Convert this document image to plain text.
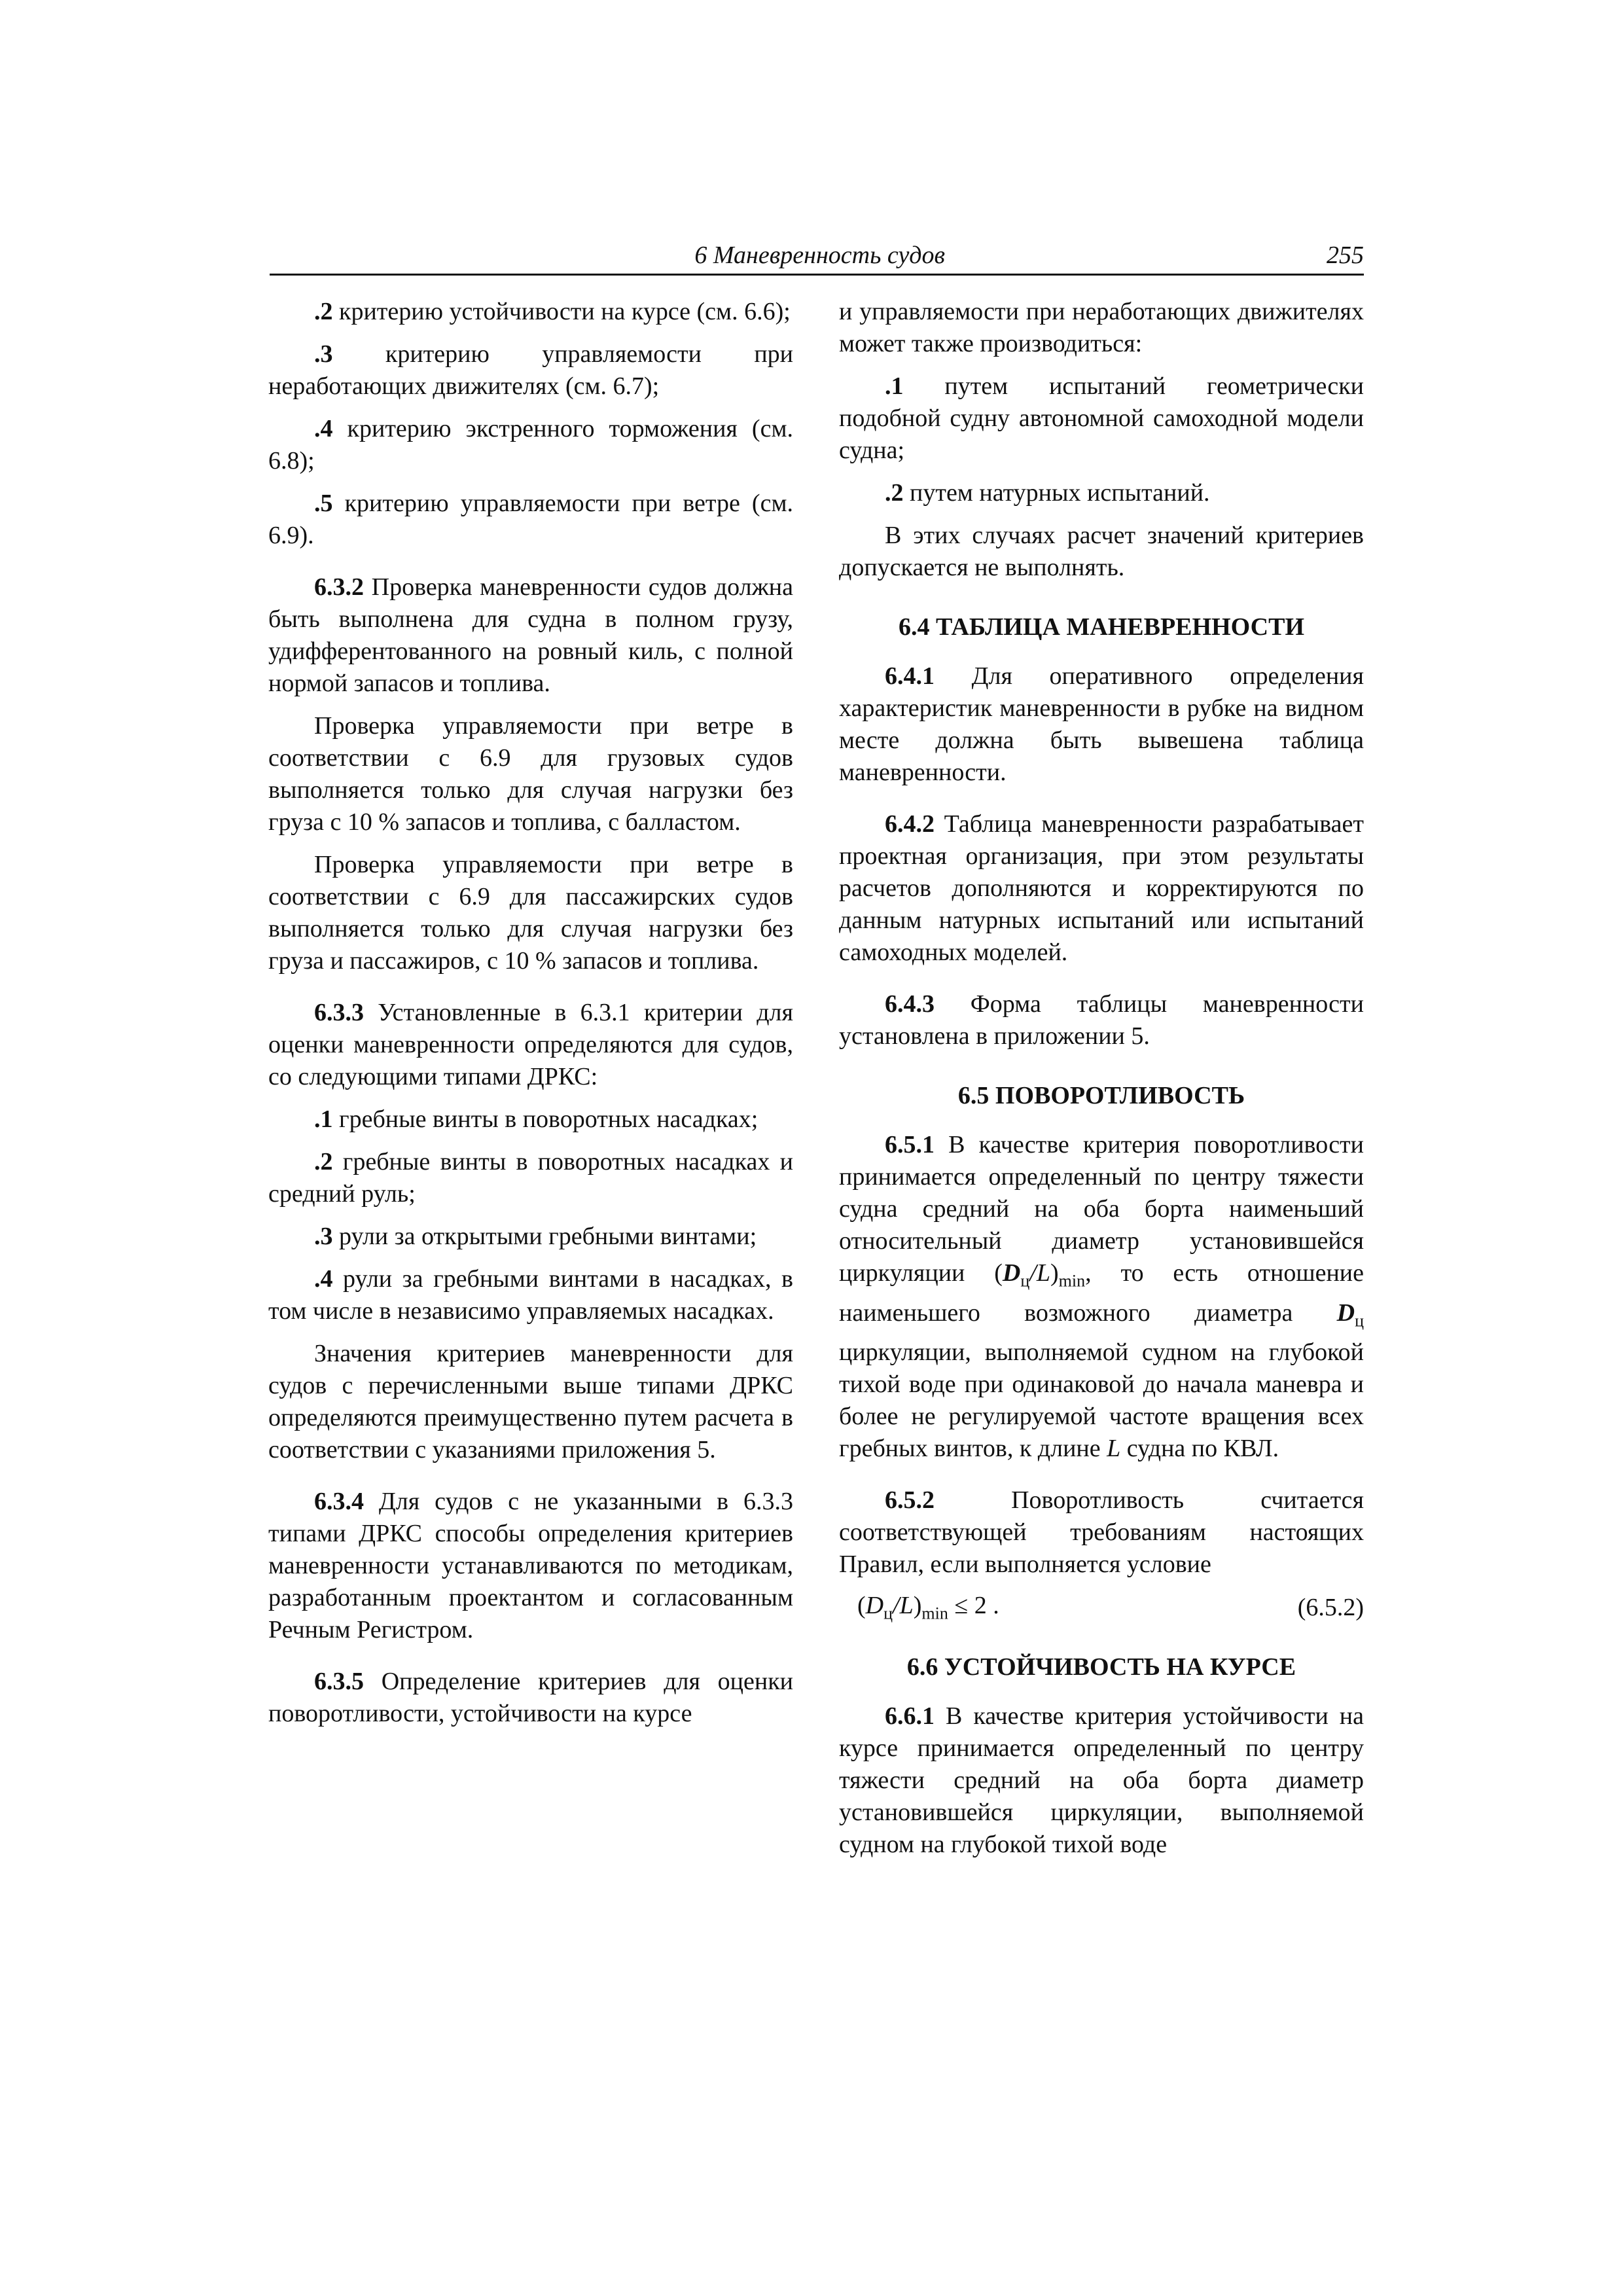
6 Маневренность судов	255

.2 критерию устойчивости на курсе (см. 6.6);

.3 критерию управляемости при неработающих движителях (см. 6.7);

.4 критерию экстренного торможения (см. 6.8);

.5 критерию управляемости при ветре (см. 6.9).

6.3.2 Проверка маневренности судов должна быть выполнена для судна в полном грузу, удифферентованного на ровный киль, с полной нормой запасов и топлива.

Проверка управляемости при ветре в соответствии с 6.9 для грузовых судов выполняется только для случая нагрузки без груза с 10 % запасов и топлива, с балластом.

Проверка управляемости при ветре в соответствии с 6.9 для пассажирских судов выполняется только для случая нагрузки без груза и пассажиров, с 10 % запасов и топлива.

6.3.3 Установленные в 6.3.1 критерии для оценки маневренности определяются для судов, со следующими типами ДРКС:

.1 гребные винты в поворотных насадках;

.2 гребные винты в поворотных насадках и средний руль;

.3 рули за открытыми гребными винтами;

.4 рули за гребными винтами в насадках, в том числе в независимо управляемых насадках.

Значения критериев маневренности для судов с перечисленными выше типами ДРКС определяются преимущественно путем расчета в соответствии с указаниями приложения 5.

6.3.4 Для судов с не указанными в 6.3.3 типами ДРКС способы определения критериев маневренности устанавливаются по методикам, разработанным проектантом и согласованным Речным Регистром.

6.3.5 Определение критериев для оценки поворотливости, устойчивости на курсе

и управляемости при неработающих движителях может также производиться:

.1 путем испытаний геометрически подобной судну автономной самоходной модели судна;

.2 путем натурных испытаний.

В этих случаях расчет значений критериев допускается не выполнять.

6.4 ТАБЛИЦА МАНЕВРЕННОСТИ

6.4.1 Для оперативного определения характеристик маневренности в рубке на видном месте должна быть вывешена таблица маневренности.

6.4.2 Таблица маневренности разрабатывает проектная организация, при этом результаты расчетов дополняются и корректируются по данным натурных испытаний или испытаний самоходных моделей.

6.4.3 Форма таблицы маневренности установлена в приложении 5.

6.5 ПОВОРОТЛИВОСТЬ

6.5.1 В качестве критерия поворотливости принимается определенный по центру тяжести судна средний на оба борта наименьший относительный диаметр установившейся циркуляции $(D_ц/L)_{min}$, то есть отношение наименьшего возможного диаметра $D_ц$ циркуляции, выполняемой судном на глубокой тихой воде при одинаковой до начала маневра и более не регулируемой частоте вращения всех гребных винтов, к длине L судна по КВЛ.

6.5.2 Поворотливость считается соответствующей требованиям настоящих Правил, если выполняется условие

$(D_ц/L)_{min} \le 2$ .	(6.5.2)
6.6 УСТОЙЧИВОСТЬ НА КУРСЕ

6.6.1 В качестве критерия устойчивости на курсе принимается определенный по центру тяжести средний на оба борта диаметр установившейся циркуляции, выполняемой судном на глубокой тихой воде
